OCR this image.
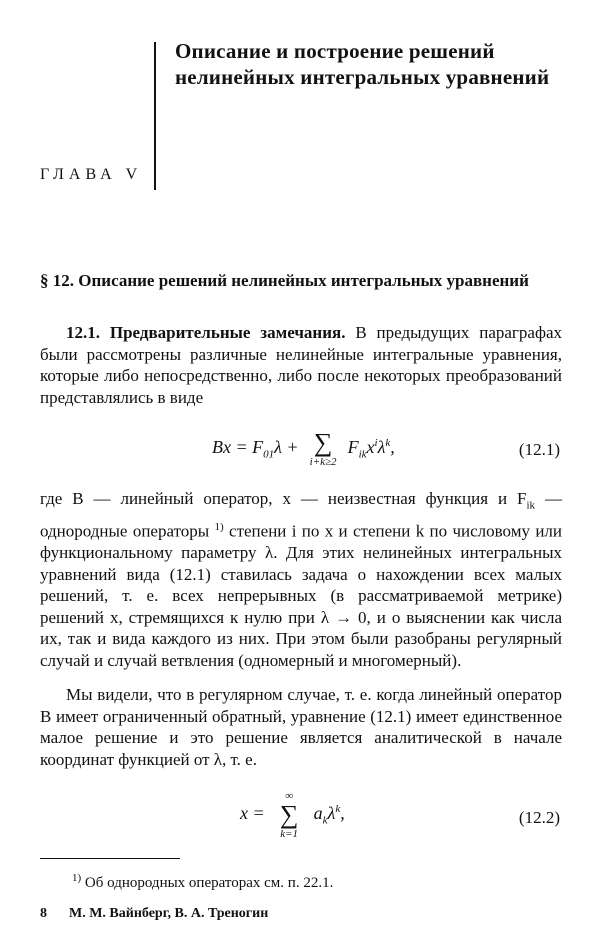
Описание и построение решений нелинейных интегральных уравнений
ГЛАВА V
§ 12. Описание решений нелинейных интегральных уравнений
12.1. Предварительные замечания. В предыдущих параграфах были рассмотрены различные нелинейные интегральные уравнения, которые либо непосредственно, либо после некоторых преобразований представлялись в виде
$Bx = F_{01}\lambda$ + ∑
i+k≥2
$F_{ik}x^i\lambda^k$,	(12.1)
где B — линейный оператор, x — неизвестная функция и $F_{ik}$ — однородные операторы $^{1)}$ степени i по x и степени k по числовому или функциональному параметру λ. Для этих нелинейных интегральных уравнений вида (12.1) ставилась задача о нахождении всех малых решений, т. е. всех непрерывных (в рассматриваемой метрике) решений x, стремящихся к нулю при λ → 0, и о выяснении как числа их, так и вида каждого из них. При этом были разобраны регулярный случай и случай ветвления (одномерный и многомерный).
Мы видели, что в регулярном случае, т. е. когда линейный оператор B имеет ограниченный обратный, уравнение (12.1) имеет единственное малое решение и это решение является аналитической в начале координат функцией от λ, т. е.
x =
∞
∑
k=1
$a_k\lambda^k$,	(12.2)
$^{1)}$ Об однородных операторах см. п. 22.1.
8 М. М. Вайнберг, В. А. Треногин
